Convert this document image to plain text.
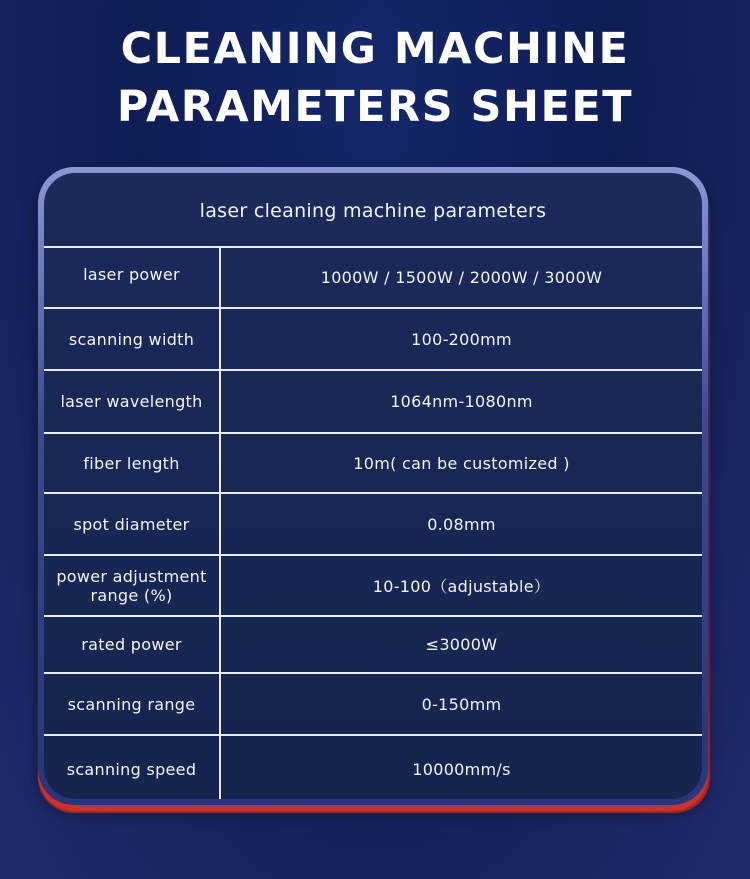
CLEANING MACHINE
PARAMETERS SHEET
laser cleaning machine parameters
laser power	1000W / 1500W / 2000W / 3000W
scanning width	100-200mm
laser wavelength	1064nm-1080nm
fiber length	10m( can be customized )
spot diameter	0.08mm
power adjustment range (%)	10-100（adjustable）
rated power	≤3000W
scanning range	0-150mm
scanning speed	10000mm/s
